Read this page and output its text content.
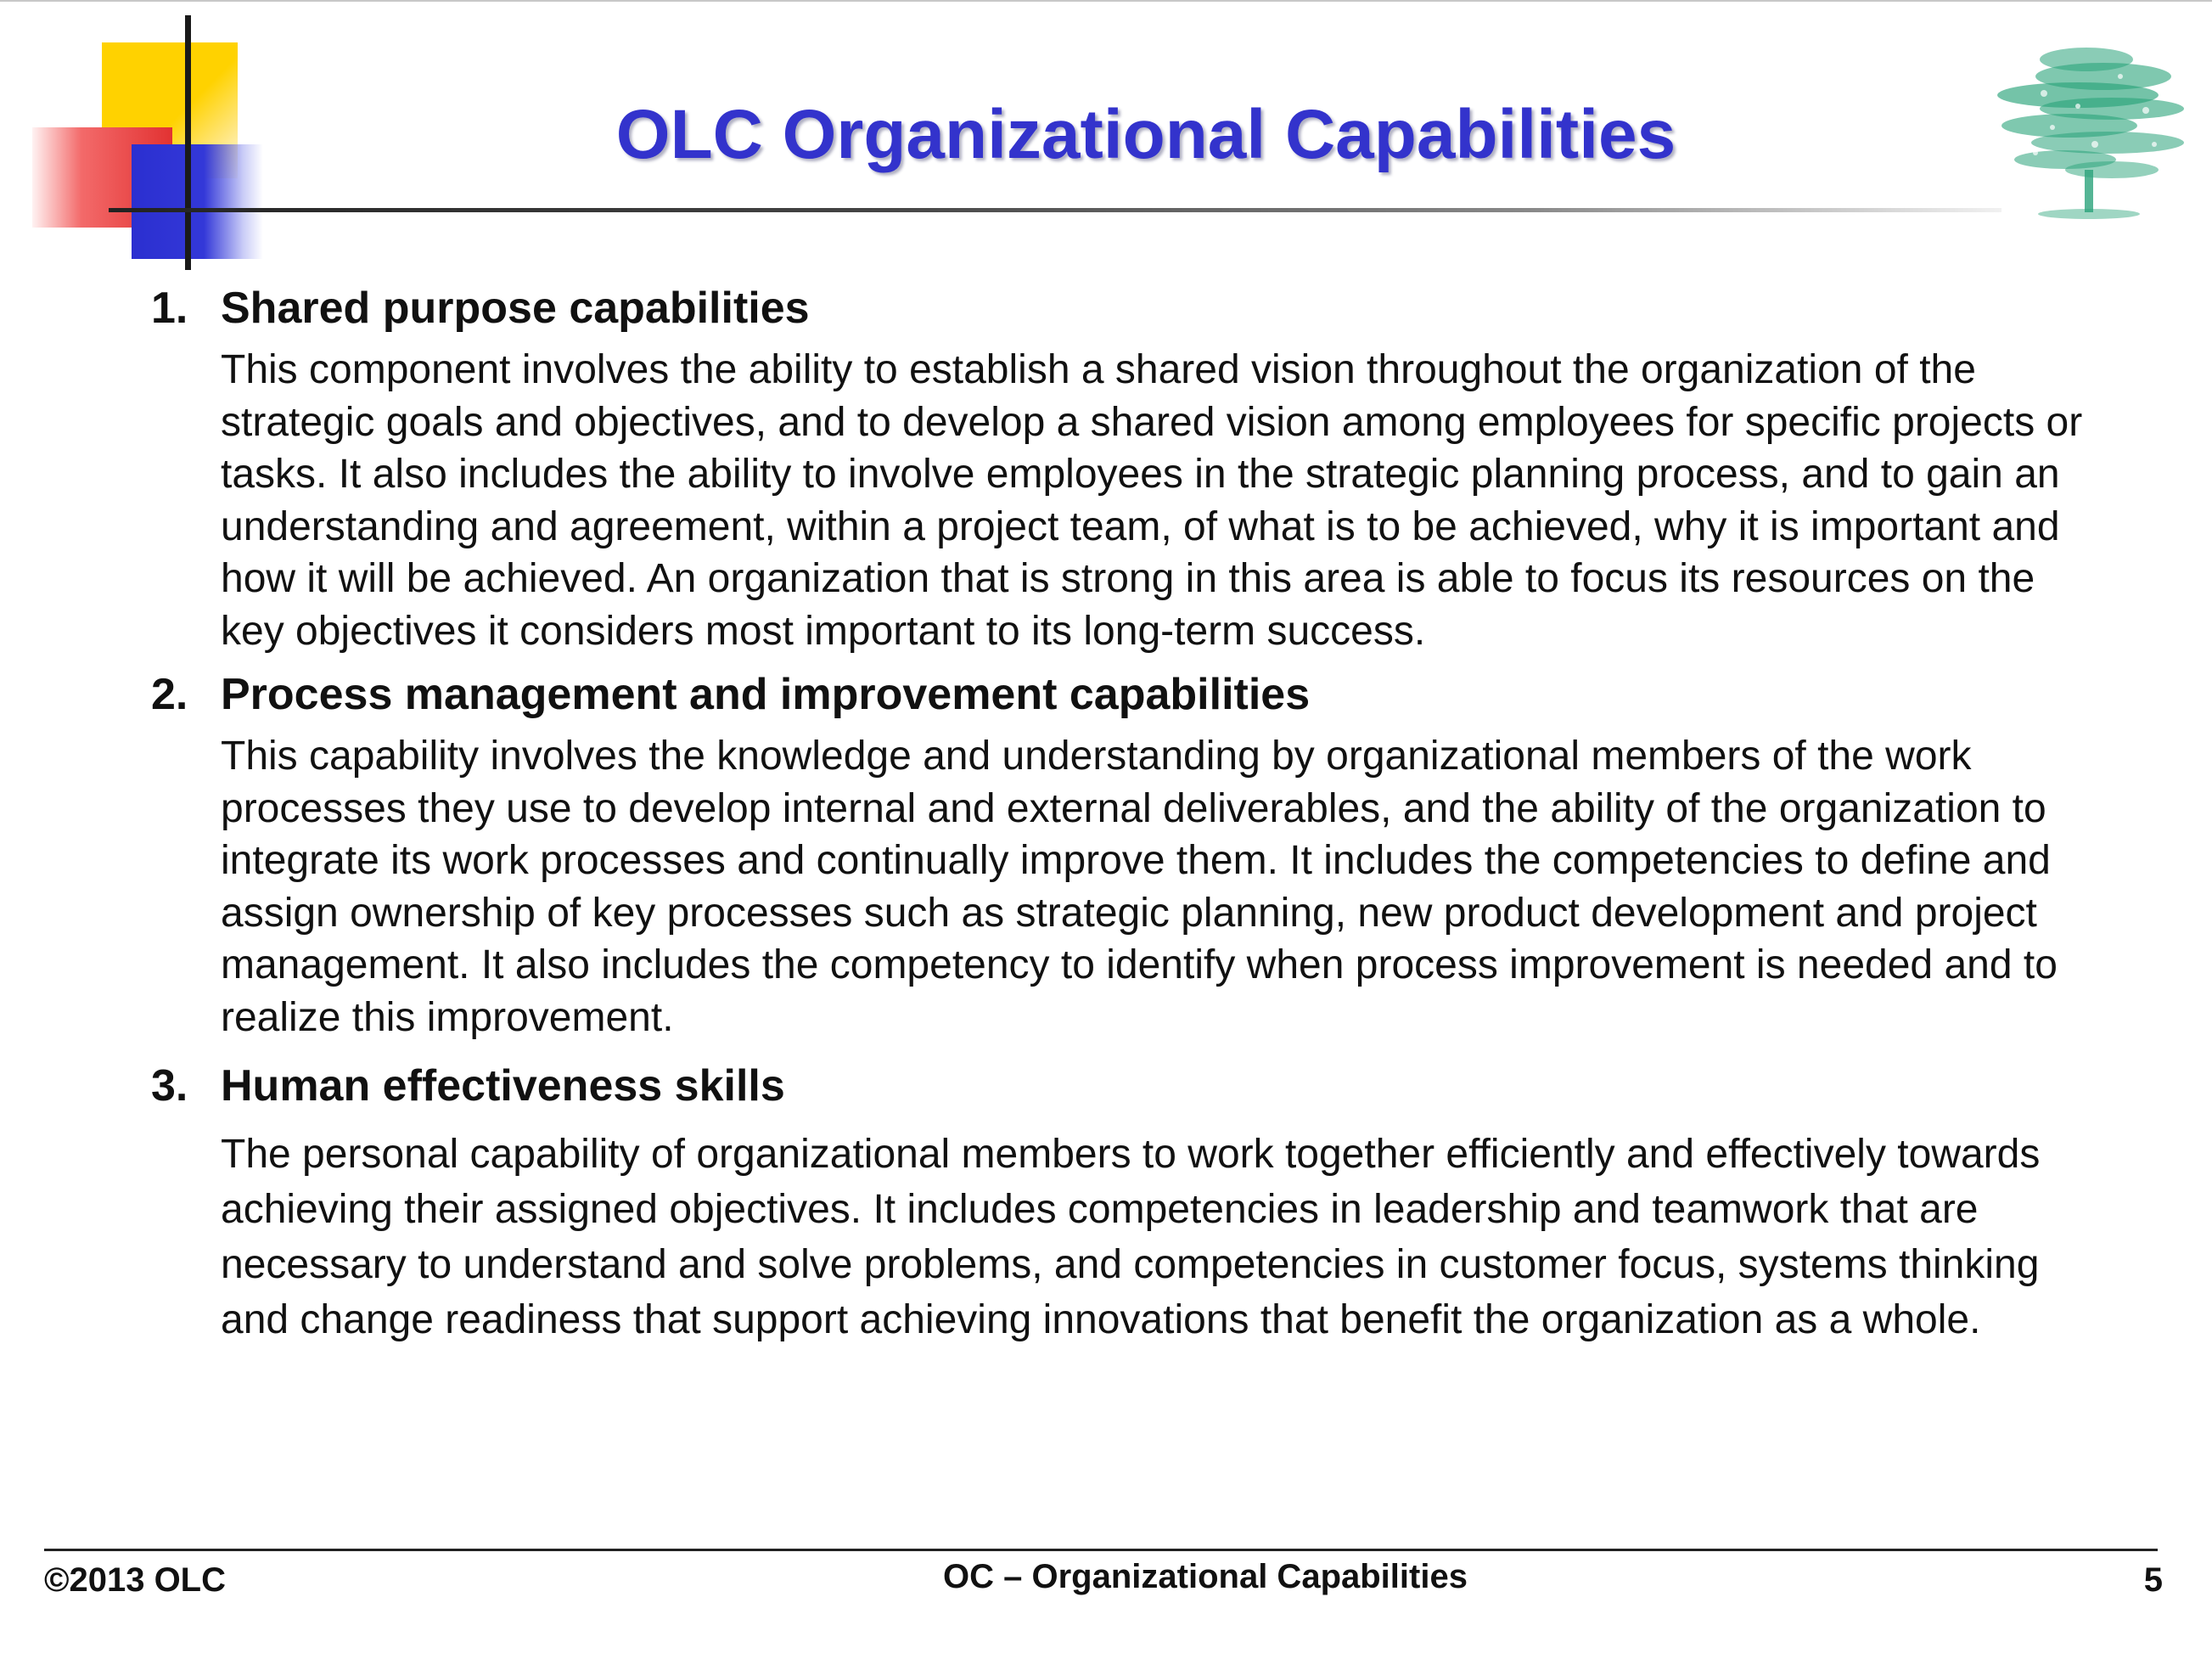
OLC Organizational Capabilities

1. Shared purpose capabilities

This component involves the ability to establish a shared vision throughout the organization of the strategic goals and objectives, and to develop a shared vision among employees for specific projects or tasks. It also includes the ability to involve employees in the strategic planning process, and to gain an understanding and agreement, within a project team, of what is to be achieved, why it is important and how it will be achieved. An organization that is strong in this area is able to focus its resources on the key objectives it considers most important to its long-term success.

2. Process management and improvement capabilities

This capability involves the knowledge and understanding by organizational members of the work processes they use to develop internal and external deliverables, and the ability of the organization to integrate its work processes and continually improve them. It includes the competencies to define and assign ownership of key processes such as strategic planning, new product development and project management. It also includes the competency to identify when process improvement is needed and to realize this improvement.

3. Human effectiveness skills

The personal capability of organizational members to work together efficiently and effectively towards achieving their assigned objectives. It includes competencies in leadership and teamwork that are necessary to understand and solve problems, and competencies in customer focus, systems thinking and change readiness that support achieving innovations that benefit the organization as a whole.

©2013 OLC	OC – Organizational Capabilities	5
